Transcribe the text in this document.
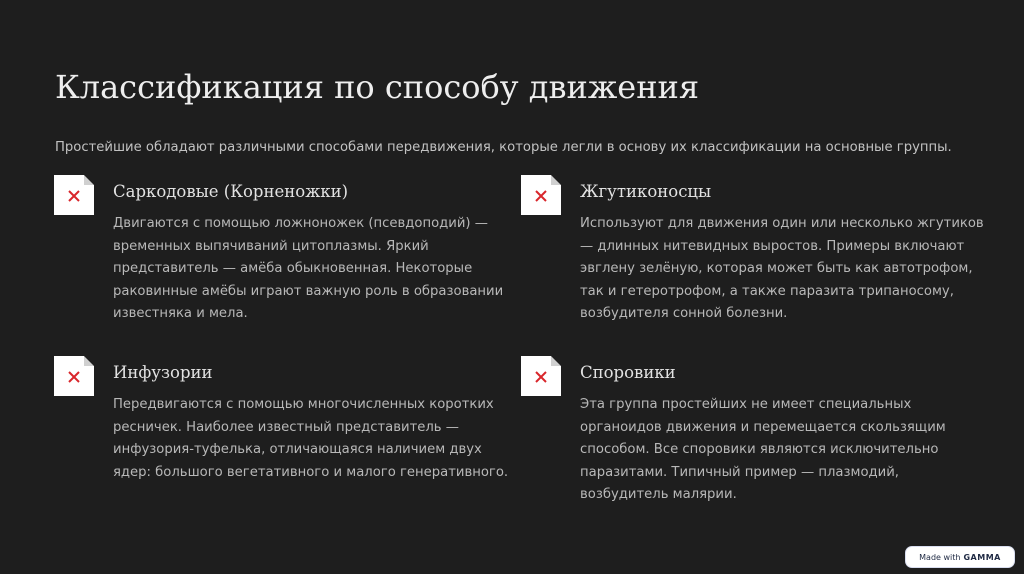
Классификация по способу движения

Простейшие обладают различными способами передвижения, которые легли в основу их классификации на основные группы.

Саркодовые (Корненожки)

Двигаются с помощью ложноножек (псевдоподий) —
временных выпячиваний цитоплазмы. Яркий
представитель — амёба обыкновенная. Некоторые
раковинные амёбы играют важную роль в образовании
известняка и мела.

Жгутиконосцы

Используют для движения один или несколько жгутиков
— длинных нитевидных выростов. Примеры включают
эвглену зелёную, которая может быть как автотрофом,
так и гетеротрофом, а также паразита трипаносому,
возбудителя сонной болезни.

Инфузории

Передвигаются с помощью многочисленных коротких
ресничек. Наиболее известный представитель —
инфузория-туфелька, отличающаяся наличием двух
ядер: большого вегетативного и малого генеративного.

Споровики

Эта группа простейших не имеет специальных
органоидов движения и перемещается скользящим
способом. Все споровики являются исключительно
паразитами. Типичный пример — плазмодий,
возбудитель малярии.

Made with GAMMA
